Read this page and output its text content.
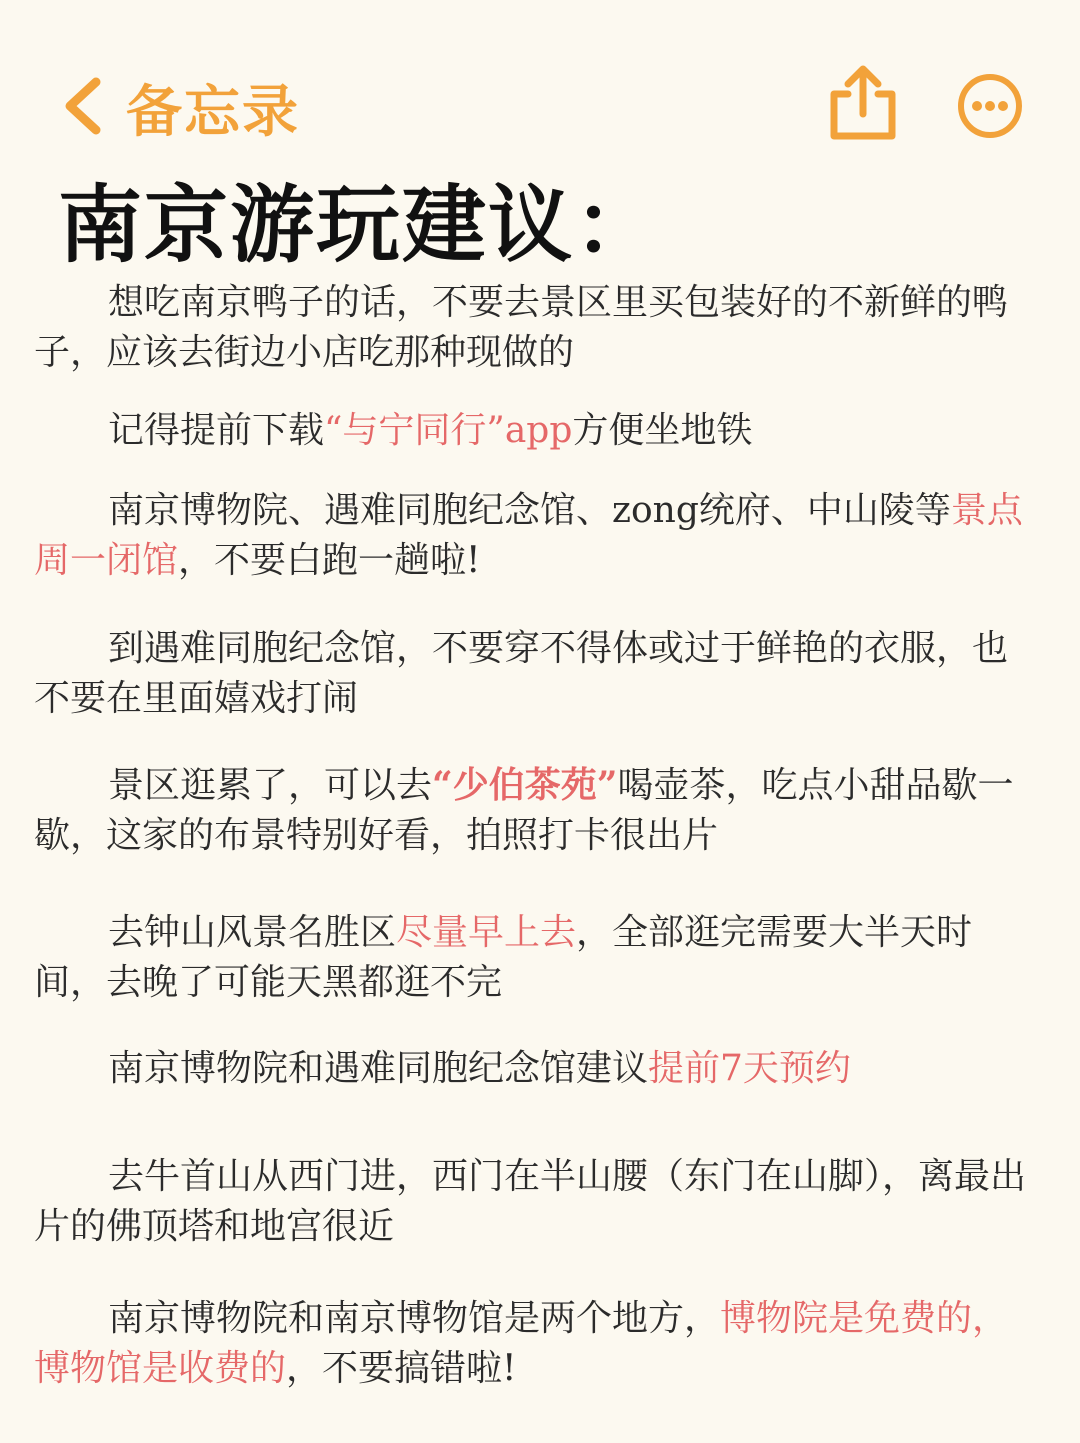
备忘录
南京游玩建议：

想吃南京鸭子的话，不要去景区里买包装好的不新鲜的鸭子，应该去街边小店吃那种现做的

记得提前下载“与宁同行”app方便坐地铁

南京博物院、遇难同胞纪念馆、zong统府、中山陵等景点周一闭馆，不要白跑一趟啦!

到遇难同胞纪念馆，不要穿不得体或过于鲜艳的衣服，也不要在里面嬉戏打闹

景区逛累了，可以去“少伯茶苑”喝壶茶，吃点小甜品歇一歇，这家的布景特别好看，拍照打卡很出片

去钟山风景名胜区尽量早上去，全部逛完需要大半天时间，去晚了可能天黑都逛不完

南京博物院和遇难同胞纪念馆建议提前7天预约

去牛首山从西门进，西门在半山腰（东门在山脚），离最出片的佛顶塔和地宫很近

南京博物院和南京博物馆是两个地方，博物院是免费的，博物馆是收费的，不要搞错啦!
